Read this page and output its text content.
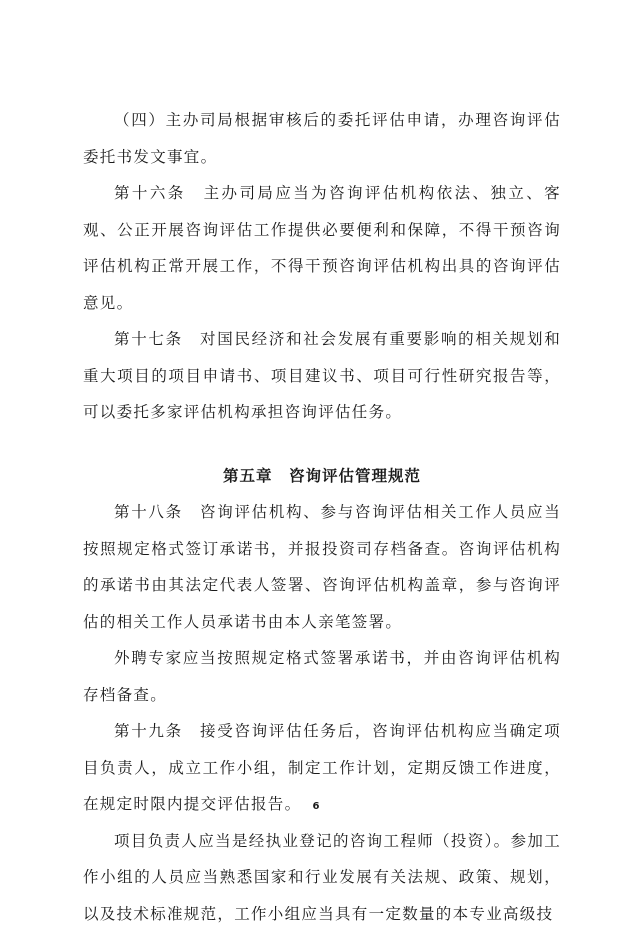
（四）主办司局根据审核后的委托评估申请，办理咨询评估委托书发文事宜。

第十六条　主办司局应当为咨询评估机构依法、独立、客观、公正开展咨询评估工作提供必要便利和保障，不得干预咨询评估机构正常开展工作，不得干预咨询评估机构出具的咨询评估意见。

第十七条　对国民经济和社会发展有重要影响的相关规划和重大项目的项目申请书、项目建议书、项目可行性研究报告等，可以委托多家评估机构承担咨询评估任务。

第五章　咨询评估管理规范

第十八条　咨询评估机构、参与咨询评估相关工作人员应当按照规定格式签订承诺书，并报投资司存档备查。咨询评估机构的承诺书由其法定代表人签署、咨询评估机构盖章，参与咨询评估的相关工作人员承诺书由本人亲笔签署。

外聘专家应当按照规定格式签署承诺书，并由咨询评估机构存档备查。

第十九条　接受咨询评估任务后，咨询评估机构应当确定项目负责人，成立工作小组，制定工作计划，定期反馈工作进度，在规定时限内提交评估报告。

项目负责人应当是经执业登记的咨询工程师（投资）。参加工作小组的人员应当熟悉国家和行业发展有关法规、政策、规划，以及技术标准规范，工作小组应当具有一定数量的本专业高级技

6
